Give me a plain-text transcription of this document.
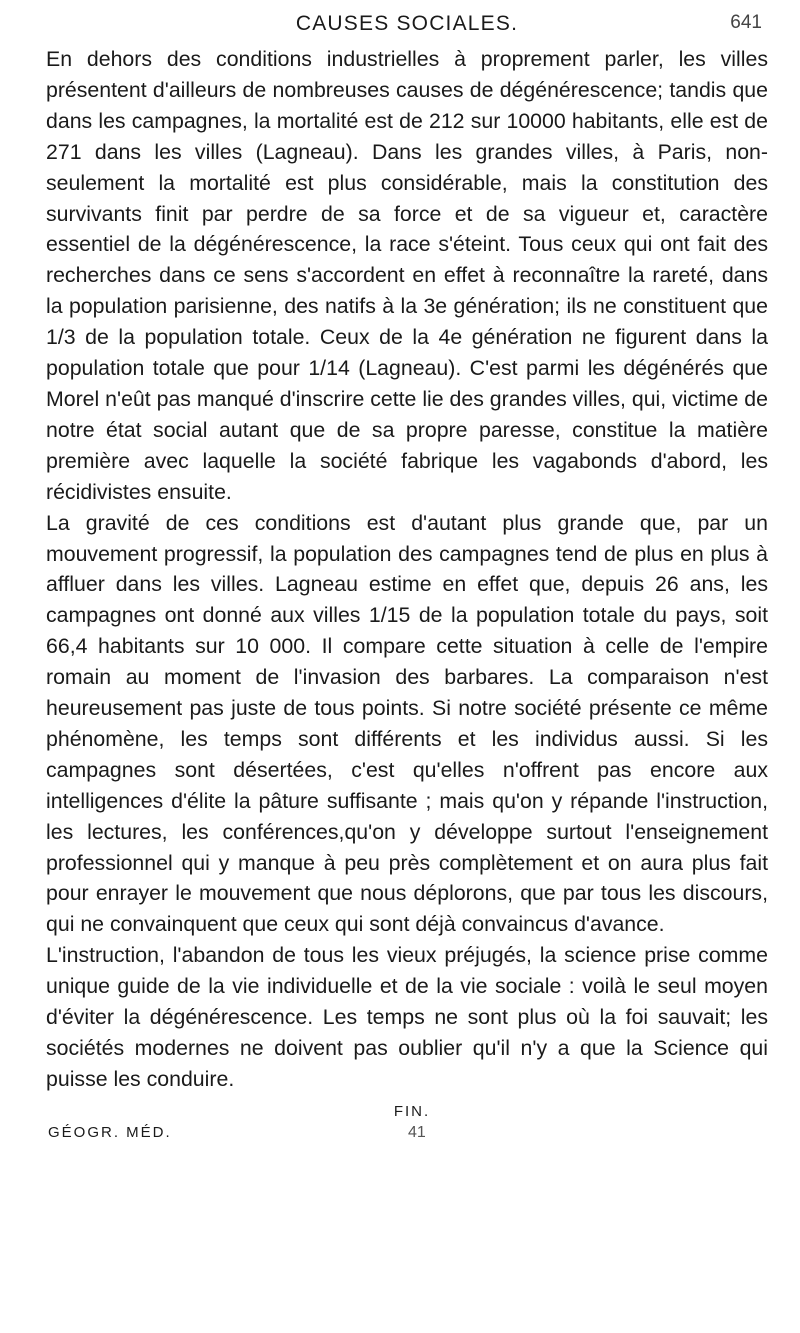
CAUSES SOCIALES.	641

En dehors des conditions industrielles à proprement parler, les villes présentent d'ailleurs de nombreuses causes de dégénérescence; tandis que dans les campagnes, la mortalité est de 212 sur 10000 habitants, elle est de 271 dans les villes (Lagneau). Dans les grandes villes, à Paris, non-seulement la mortalité est plus considérable, mais la constitution des survivants finit par perdre de sa force et de sa vigueur et, caractère essentiel de la dégénérescence, la race s'éteint. Tous ceux qui ont fait des recherches dans ce sens s'accordent en effet à reconnaître la rareté, dans la population parisienne, des natifs à la 3e génération; ils ne constituent que 1/3 de la population totale. Ceux de la 4e génération ne figurent dans la population totale que pour 1/14 (Lagneau). C'est parmi les dégénérés que Morel n'eût pas manqué d'inscrire cette lie des grandes villes, qui, victime de notre état social autant que de sa propre paresse, constitue la matière première avec laquelle la société fabrique les vagabonds d'abord, les récidivistes ensuite.

La gravité de ces conditions est d'autant plus grande que, par un mouvement progressif, la population des campagnes tend de plus en plus à affluer dans les villes. Lagneau estime en effet que, depuis 26 ans, les campagnes ont donné aux villes 1/15 de la population totale du pays, soit 66,4 habitants sur 10 000. Il compare cette situation à celle de l'empire romain au moment de l'invasion des barbares. La comparaison n'est heureusement pas juste de tous points. Si notre société présente ce même phénomène, les temps sont différents et les individus aussi. Si les campagnes sont désertées, c'est qu'elles n'offrent pas encore aux intelligences d'élite la pâture suffisante ; mais qu'on y répande l'instruction, les lectures, les conférences,qu'on y développe surtout l'enseignement professionnel qui y manque à peu près complètement et on aura plus fait pour enrayer le mouvement que nous déplorons, que par tous les discours, qui ne convainquent que ceux qui sont déjà convaincus d'avance.

L'instruction, l'abandon de tous les vieux préjugés, la science prise comme unique guide de la vie individuelle et de la vie sociale : voilà le seul moyen d'éviter la dégénérescence. Les temps ne sont plus où la foi sauvait; les sociétés modernes ne doivent pas oublier qu'il n'y a que la Science qui puisse les conduire.

FIN.
GÉOGR. MÉD.	41
